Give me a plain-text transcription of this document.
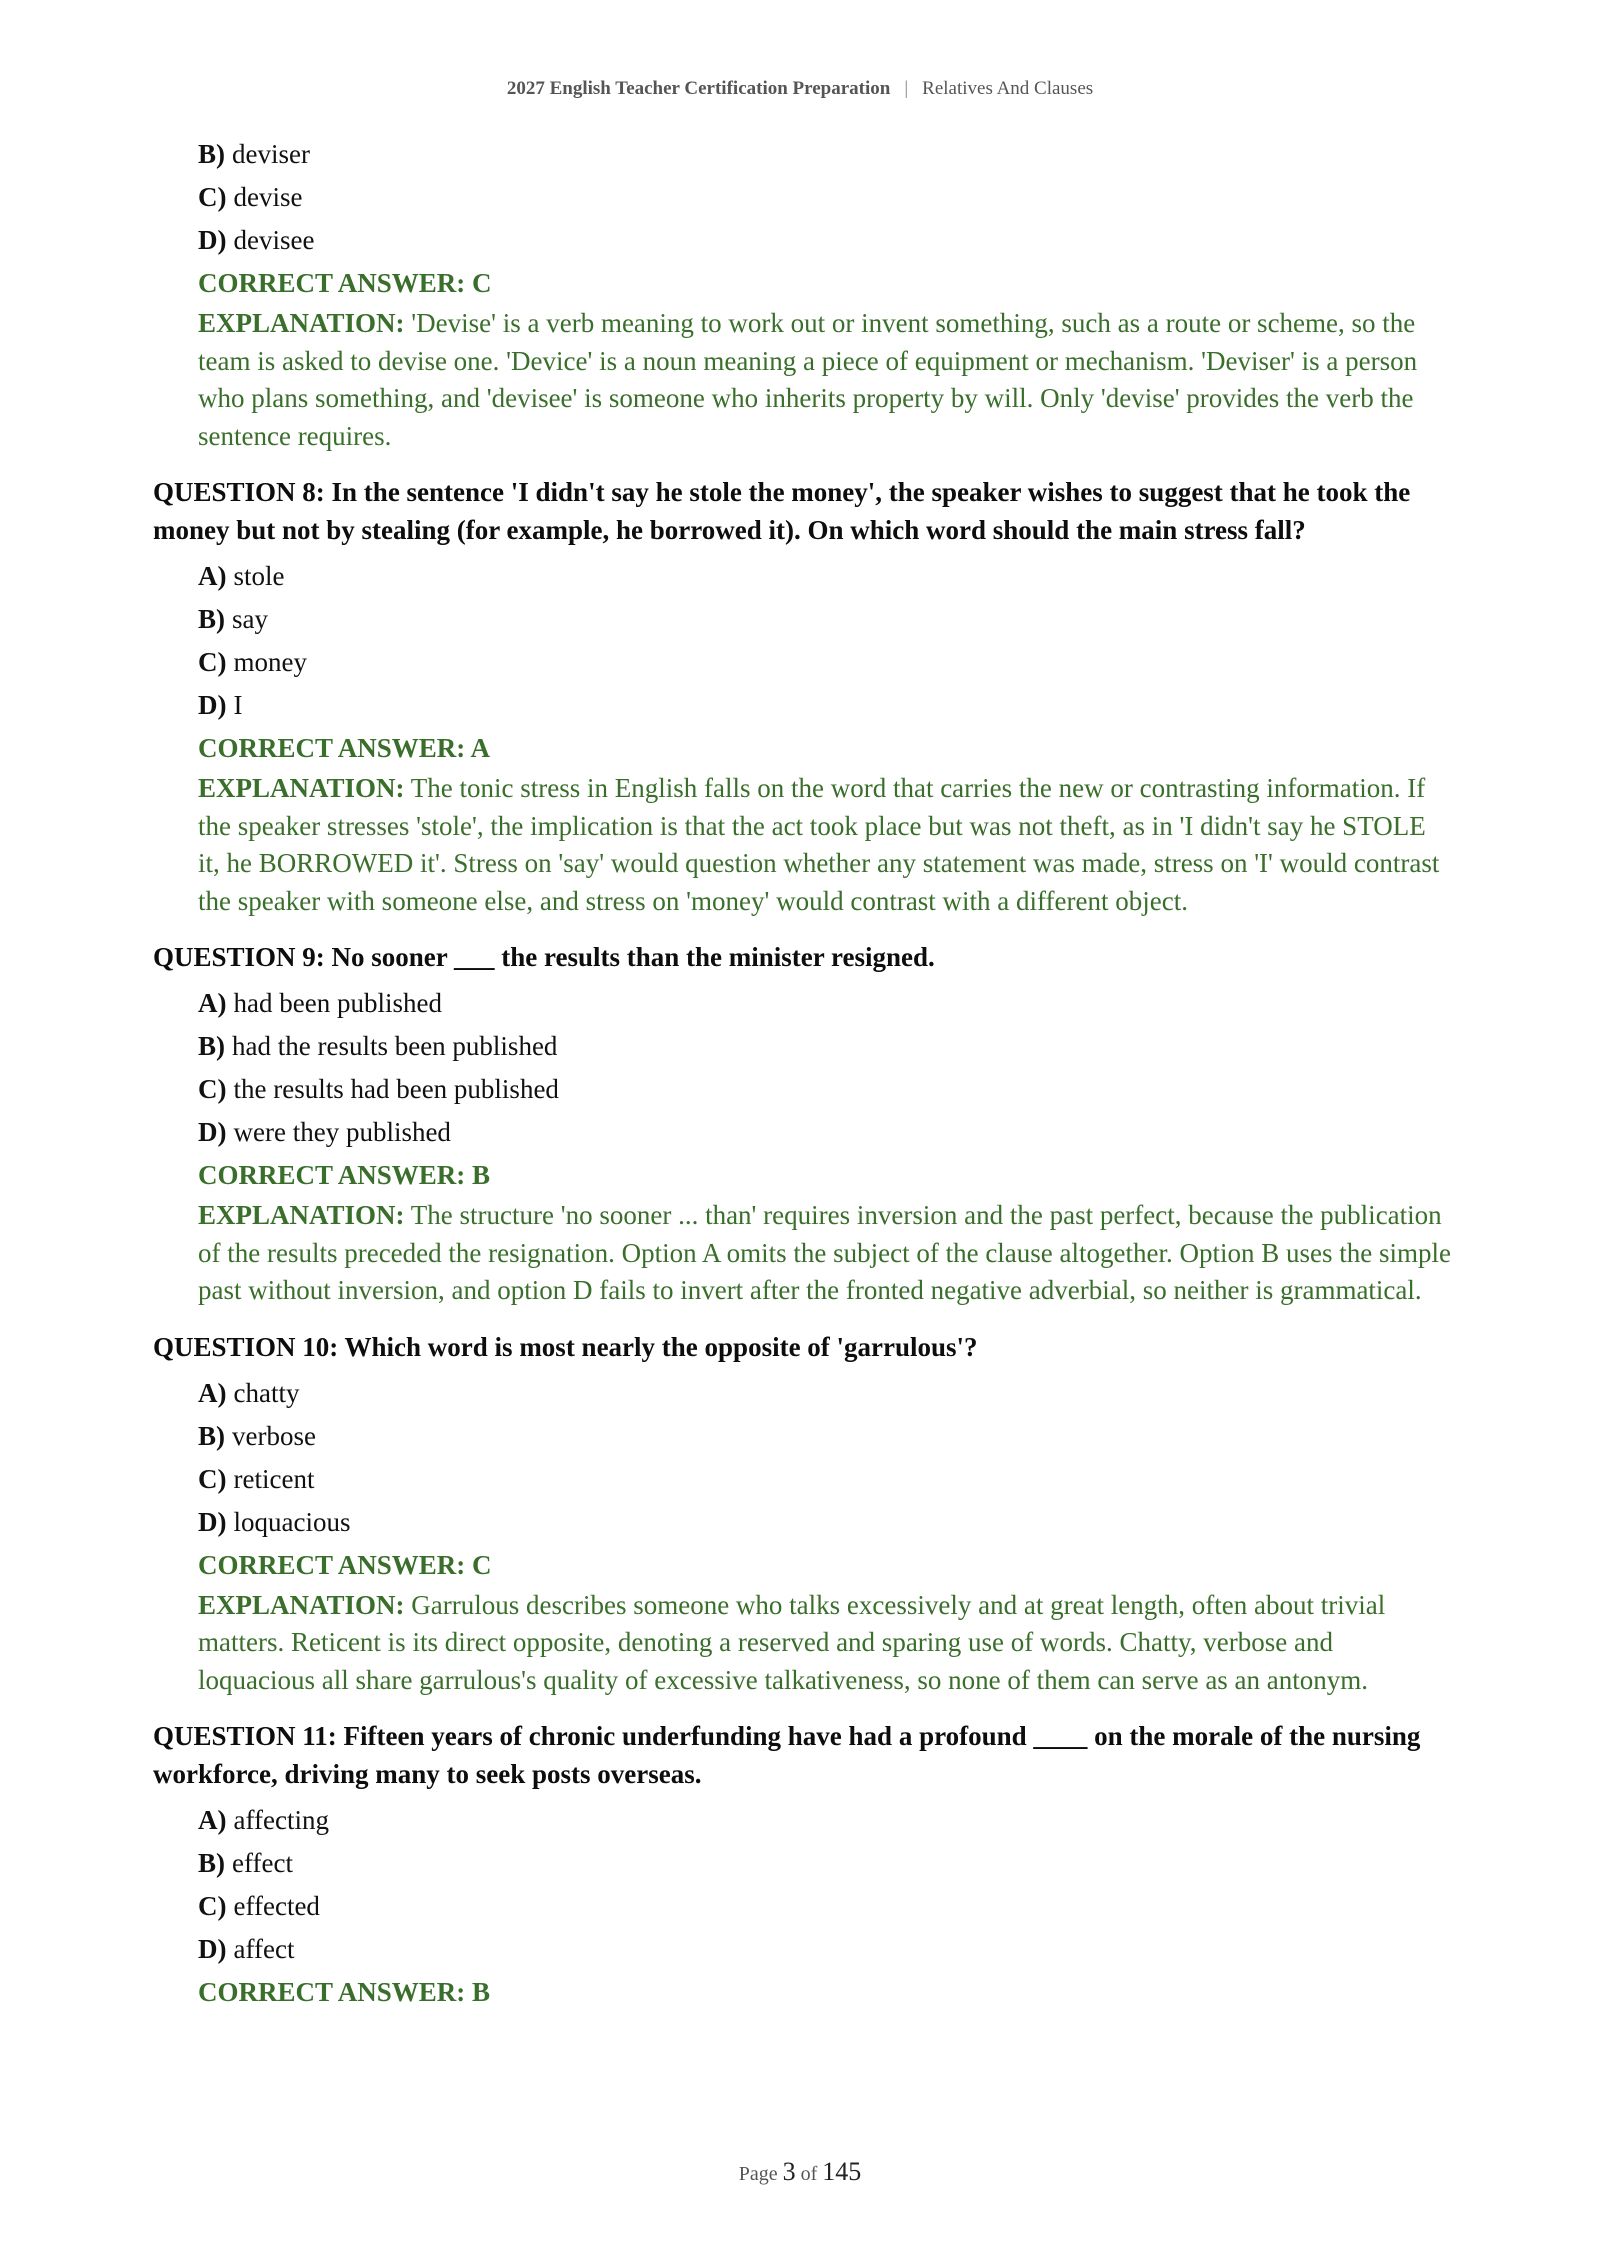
2027 English Teacher Certification Preparation | Relatives And Clauses
B) deviser
C) devise
D) devisee
CORRECT ANSWER: C
EXPLANATION: 'Devise' is a verb meaning to work out or invent something, such as a route or scheme, so the team is asked to devise one. 'Device' is a noun meaning a piece of equipment or mechanism. 'Deviser' is a person who plans something, and 'devisee' is someone who inherits property by will. Only 'devise' provides the verb the sentence requires.
QUESTION 8: In the sentence 'I didn't say he stole the money', the speaker wishes to suggest that he took the money but not by stealing (for example, he borrowed it). On which word should the main stress fall?
A) stole
B) say
C) money
D) I
CORRECT ANSWER: A
EXPLANATION: The tonic stress in English falls on the word that carries the new or contrasting information. If the speaker stresses 'stole', the implication is that the act took place but was not theft, as in 'I didn't say he STOLE it, he BORROWED it'. Stress on 'say' would question whether any statement was made, stress on 'I' would contrast the speaker with someone else, and stress on 'money' would contrast with a different object.
QUESTION 9: No sooner ___ the results than the minister resigned.
A) had been published
B) had the results been published
C) the results had been published
D) were they published
CORRECT ANSWER: B
EXPLANATION: The structure 'no sooner ... than' requires inversion and the past perfect, because the publication of the results preceded the resignation. Option A omits the subject of the clause altogether. Option B uses the simple past without inversion, and option D fails to invert after the fronted negative adverbial, so neither is grammatical.
QUESTION 10: Which word is most nearly the opposite of 'garrulous'?
A) chatty
B) verbose
C) reticent
D) loquacious
CORRECT ANSWER: C
EXPLANATION: Garrulous describes someone who talks excessively and at great length, often about trivial matters. Reticent is its direct opposite, denoting a reserved and sparing use of words. Chatty, verbose and loquacious all share garrulous's quality of excessive talkativeness, so none of them can serve as an antonym.
QUESTION 11: Fifteen years of chronic underfunding have had a profound ____ on the morale of the nursing workforce, driving many to seek posts overseas.
A) affecting
B) effect
C) effected
D) affect
CORRECT ANSWER: B
Page 3 of 145
